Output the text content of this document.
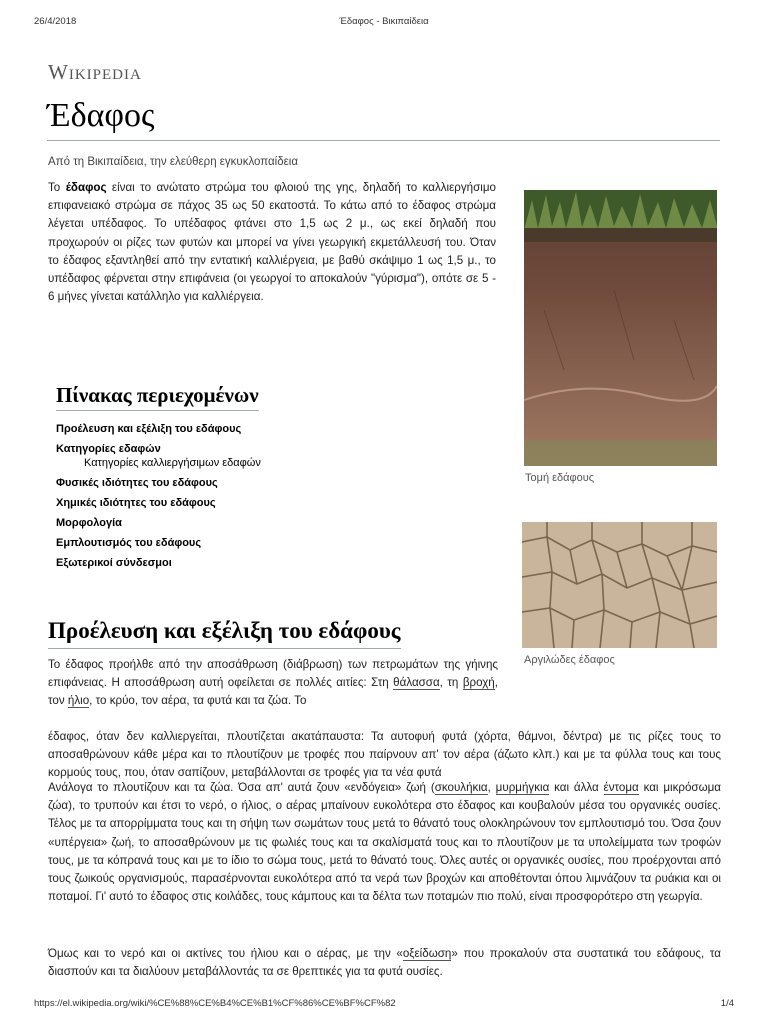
26/4/2018	Έδαφος - Βικιπαίδεια
Wikipedia
Έδαφος
Από τη Βικιπαίδεια, την ελεύθερη εγκυκλοπαίδεια

Το έδαφος είναι το ανώτατο στρώμα του φλοιού της γης, δηλαδή το καλλιεργήσιμο επιφανειακό στρώμα σε πάχος 35 ως 50 εκατοστά. Το κάτω από το έδαφος στρώμα λέγεται υπέδαφος. Το υπέδαφος φτάνει στο 1,5 ως 2 μ., ως εκεί δηλαδή που προχωρούν οι ρίζες των φυτών και μπορεί να γίνει γεωργική εκμετάλλευσή του. Όταν το έδαφος εξαντληθεί από την εντατική καλλιέργεια, με βαθύ σκάψιμο 1 ως 1,5 μ., το υπέδαφος φέρνεται στην επιφάνεια (οι γεωργοί το αποκαλούν "γύρισμα"), οπότε σε 5 - 6 μήνες γίνεται κατάλληλο για καλλιέργεια.

Τομή εδάφους
Αργιλώδες έδαφος
Πίνακας περιεχομένων
Προέλευση και εξέλιξη του εδάφους
Κατηγορίες εδαφών
Κατηγορίες καλλιεργήσιμων εδαφών
Φυσικές ιδιότητες του εδάφους
Χημικές ιδιότητες του εδάφους
Μορφολογία
Εμπλουτισμός του εδάφους
Εξωτερικοί σύνδεσμοι
Προέλευση και εξέλιξη του εδάφους

Το έδαφος προήλθε από την αποσάθρωση (διάβρωση) των πετρωμάτων της γήινης επιφάνειας. Η αποσάθρωση αυτή οφείλεται σε πολλές αιτίες: Στη θάλασσα, τη βροχή, τον ήλιο, το κρύο, τον αέρα, τα φυτά και τα ζώα. Το

έδαφος, όταν δεν καλλιεργείται, πλουτίζεται ακατάπαυστα: Τα αυτοφυή φυτά (χόρτα, θάμνοι, δέντρα) με τις ρίζες τους το αποσαθρώνουν κάθε μέρα και το πλουτίζουν με τροφές που παίρνουν απ' τον αέρα (άζωτο κλπ.) και με τα φύλλα τους και τους κορμούς τους, που, όταν σαπίζουν, μεταβάλλονται σε τροφές για τα νέα φυτά

Ανάλογα το πλουτίζουν και τα ζώα. Όσα απ' αυτά ζουν «ενδόγεια» ζωή (σκουλήκια, μυρμήγκια και άλλα έντομα και μικρόσωμα ζώα), το τρυπούν και έτσι το νερό, ο ήλιος, ο αέρας μπαίνουν ευκολότερα στο έδαφος και κουβαλούν μέσα του οργανικές ουσίες. Τέλος με τα απορρίμματα τους και τη σήψη των σωμάτων τους μετά το θάνατό τους ολοκληρώνουν τον εμπλουτισμό του. Όσα ζουν «υπέργεια» ζωή, το αποσαθρώνουν με τις φωλιές τους και τα σκαλίσματά τους και το πλουτίζουν με τα υπολείμματα των τροφών τους, με τα κόπρανά τους και με το ίδιο το σώμα τους, μετά το θάνατό τους. Όλες αυτές οι οργανικές ουσίες, που προέρχονται από τους ζωικούς οργανισμούς, παρασέρνονται ευκολότερα από τα νερά των βροχών και αποθέτονται όπου λιμνάζουν τα ρυάκια και οι ποταμοί. Γι' αυτό το έδαφος στις κοιλάδες, τους κάμπους και τα δέλτα των ποταμών πιο πολύ, είναι προσφορότερο στη γεωργία.

Όμως και το νερό και οι ακτίνες του ήλιου και ο αέρας, με την «οξείδωση» που προκαλούν στα συστατικά του εδάφους, τα διασπούν και τα διαλύουν μεταβάλλοντάς τα σε θρεπτικές για τα φυτά ουσίες.

https://el.wikipedia.org/wiki/%CE%88%CE%B4%CE%B1%CF%86%CE%BF%CF%82	1/4
